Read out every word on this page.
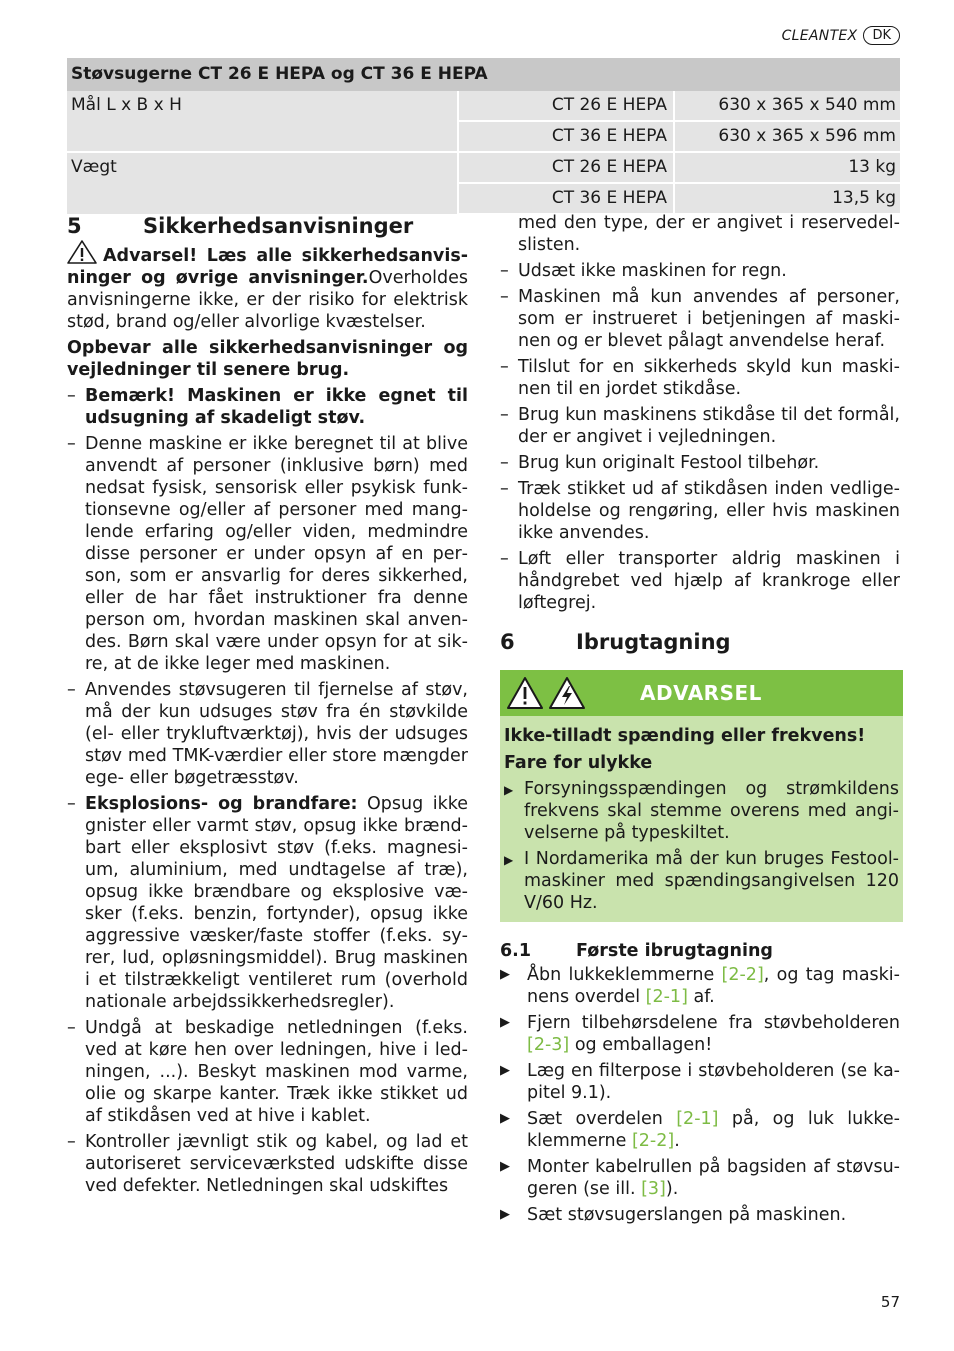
CLEANTEX	DK
Støvsugerne CT 26 E HEPA og CT 36 E HEPA		
Mål L x B x H	CT 26 E HEPA	630 x 365 x 540 mm
	CT 36 E HEPA	630 x 365 x 596 mm
Vægt	CT 26 E HEPA	13 kg
	CT 36 E HEPA	13,5 kg
5	Sikkerhedsanvisninger

Advarsel! Læs alle sikkerhedsanvisninger og øvrige anvisninger.Overholdes anvisningerne ikke, er der risiko for elektrisk stød, brand og/eller alvorlige kvæstelser.

Opbevar alle sikkerhedsanvisninger og vejledninger til senere brug.

– Bemærk! Maskinen er ikke egnet til udsugning af skadeligt støv.
– Denne maskine er ikke beregnet til at blive anvendt af personer (inklusive børn) med nedsat fysisk, sensorisk eller psykisk funktionsevne og/eller af personer med manglende erfaring og/eller viden, medmindre disse personer er under opsyn af en person, som er ansvarlig for deres sikkerhed, eller de har fået instruktioner fra denne person om, hvordan maskinen skal anvendes. Børn skal være under opsyn for at sikre, at de ikke leger med maskinen.
– Anvendes støvsugeren til fjernelse af støv, må der kun udsuges støv fra én støvkilde (el- eller trykluftværktøj), hvis der udsuges støv med TMK-værdier eller store mængder ege- eller bøgetræsstøv.
– Eksplosions- og brandfare: Opsug ikke gnister eller varmt støv, opsug ikke brændbart eller eksplosivt støv (f.eks. magnesium, aluminium, med undtagelse af træ), opsug ikke brændbare og eksplosive væsker (f.eks. benzin, fortynder), opsug ikke aggressive væsker/faste stoffer (f.eks. syrer, lud, opløsningsmiddel). Brug maskinen i et tilstrækkeligt ventileret rum (overhold nationale arbejdssikkerhedsregler).
– Undgå at beskadige netledningen (f.eks. ved at køre hen over ledningen, hive i ledningen, ...). Beskyt maskinen mod varme, olie og skarpe kanter. Træk ikke stikket ud af stikdåsen ved at hive i kablet.
– Kontroller jævnligt stik og kabel, og lad et autoriseret serviceværksted udskifte disse ved defekter. Netledningen skal udskiftes

med den type, der er angivet i reservedelslisten.

– Udsæt ikke maskinen for regn.
– Maskinen må kun anvendes af personer, som er instrueret i betjeningen af maskinen og er blevet pålagt anvendelse heraf.
– Tilslut for en sikkerheds skyld kun maskinen til en jordet stikdåse.
– Brug kun maskinens stikdåse til det formål, der er angivet i vejledningen.
– Brug kun originalt Festool tilbehør.
– Træk stikket ud af stikdåsen inden vedligeholdelse og rengøring, eller hvis maskinen ikke anvendes.
– Løft eller transporter aldrig maskinen i håndgrebet ved hjælp af krankroge eller løftegrej.
6	Ibrugtagning
ADVARSEL

Ikke-tilladt spænding eller frekvens!

Fare for ulykke

▶ Forsyningsspændingen og strømkildens frekvens skal stemme overens med angivelserne på typeskiltet.
▶ I Nordamerika må der kun bruges Festool-maskiner med spændingsangivelsen 120 V/60 Hz.
6.1	Første ibrugtagning
▶ Åbn lukkeklemmerne [2-2], og tag maskinens overdel [2-1] af.
▶ Fjern tilbehørsdelene fra støvbeholderen [2-3] og emballagen!
▶ Læg en filterpose i støvbeholderen (se kapitel 9.1).
▶ Sæt overdelen [2-1] på, og luk lukkeklemmerne [2-2].
▶ Monter kabelrullen på bagsiden af støvsugeren (se ill. [3]).
▶ Sæt støvsugerslangen på maskinen.
57
